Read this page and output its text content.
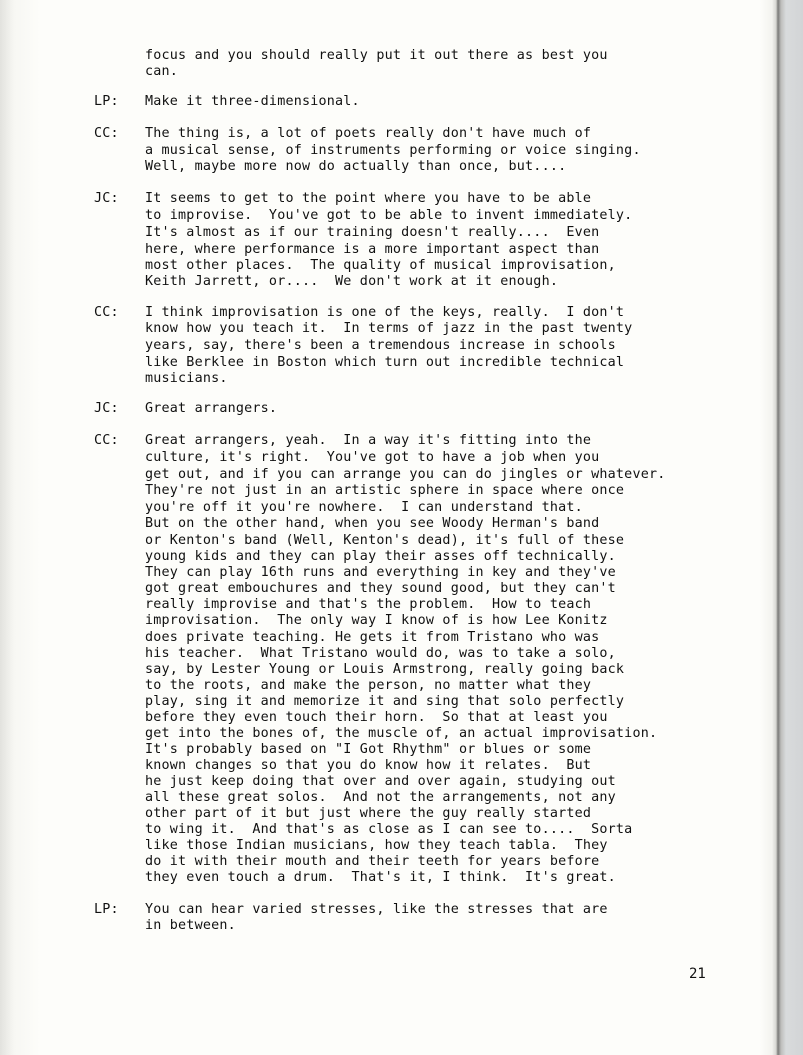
focus and you should really put it out there as best you
can.
LP: Make it three-dimensional.
CC: The thing is, a lot of poets really don't have much of
a musical sense, of instruments performing or voice singing.
Well, maybe more now do actually than once, but....
JC: It seems to get to the point where you have to be able
to improvise.  You've got to be able to invent immediately.
It's almost as if our training doesn't really....  Even
here, where performance is a more important aspect than
most other places.  The quality of musical improvisation,
Keith Jarrett, or....  We don't work at it enough.
CC: I think improvisation is one of the keys, really.  I don't
know how you teach it.  In terms of jazz in the past twenty
years, say, there's been a tremendous increase in schools
like Berklee in Boston which turn out incredible technical
musicians.
JC: Great arrangers.
CC: Great arrangers, yeah.  In a way it's fitting into the
culture, it's right.  You've got to have a job when you
get out, and if you can arrange you can do jingles or whatever.
They're not just in an artistic sphere in space where once
you're off it you're nowhere.  I can understand that.
But on the other hand, when you see Woody Herman's band
or Kenton's band (Well, Kenton's dead), it's full of these
young kids and they can play their asses off technically.
They can play 16th runs and everything in key and they've
got great embouchures and they sound good, but they can't
really improvise and that's the problem.  How to teach
improvisation.  The only way I know of is how Lee Konitz
does private teaching. He gets it from Tristano who was
his teacher.  What Tristano would do, was to take a solo,
say, by Lester Young or Louis Armstrong, really going back
to the roots, and make the person, no matter what they
play, sing it and memorize it and sing that solo perfectly
before they even touch their horn.  So that at least you
get into the bones of, the muscle of, an actual improvisation.
It's probably based on "I Got Rhythm" or blues or some
known changes so that you do know how it relates.  But
he just keep doing that over and over again, studying out
all these great solos.  And not the arrangements, not any
other part of it but just where the guy really started
to wing it.  And that's as close as I can see to....  Sorta
like those Indian musicians, how they teach tabla.  They
do it with their mouth and their teeth for years before
they even touch a drum.  That's it, I think.  It's great.
LP: You can hear varied stresses, like the stresses that are
in between.
21
